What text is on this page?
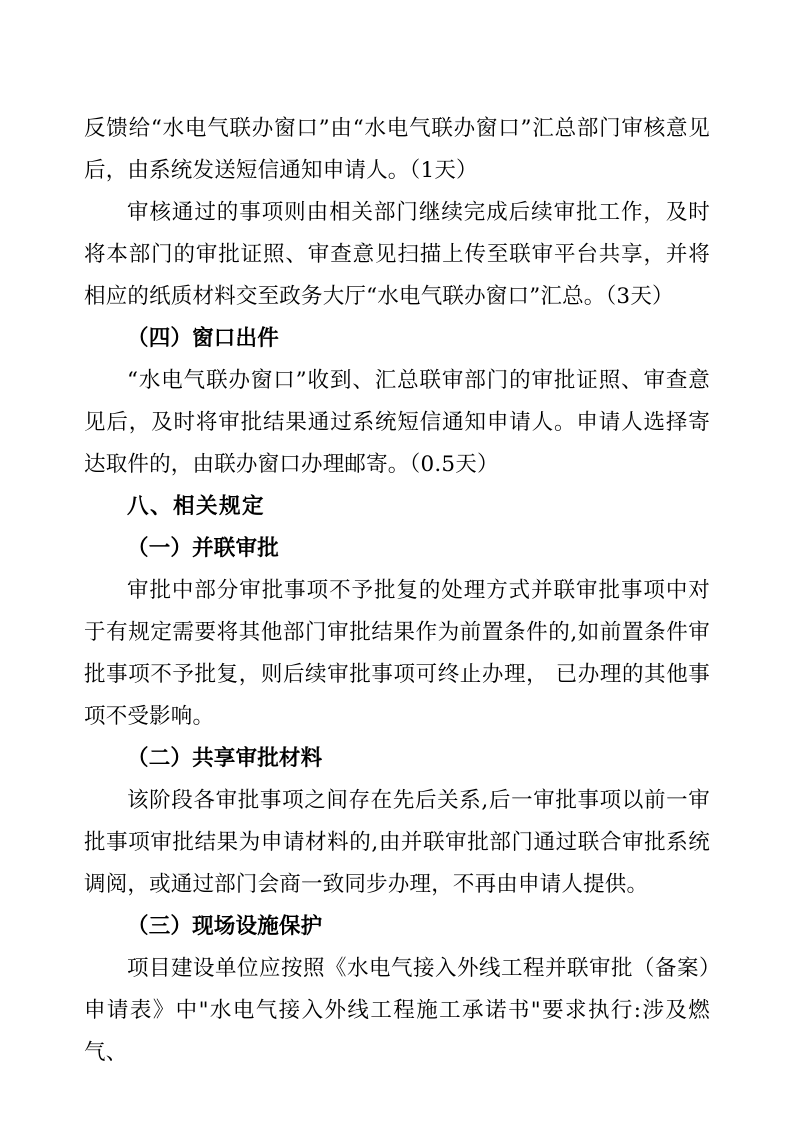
反馈给“水电气联办窗口”由“水电气联办窗口”汇总部门审核意见后，由系统发送短信通知申请人。（1天）

审核通过的事项则由相关部门继续完成后续审批工作，及时将本部门的审批证照、审查意见扫描上传至联审平台共享，并将 相应的纸质材料交至政务大厅“水电气联办窗口”汇总。（3天）

（四）窗口出件

“水电气联办窗口”收到、汇总联审部门的审批证照、审查意见后，及时将审批结果通过系统短信通知申请人。申请人选择寄达取件的，由联办窗口办理邮寄。（0.5天）

八、相关规定

（一）并联审批

审批中部分审批事项不予批复的处理方式并联审批事项中对于有规定需要将其他部门审批结果作为前置条件的,如前置条件审批事项不予批复，则后续审批事项可终止办理， 已办理的其他事项不受影响。

（二）共享审批材料

该阶段各审批事项之间存在先后关系,后一审批事项以前一审批事项审批结果为申请材料的,由并联审批部门通过联合审批系统调阅，或通过部门会商一致同步办理，不再由申请人提供。

（三）现场设施保护

项目建设单位应按照《水电气接入外线工程并联审批（备案）申请表》中"水电气接入外线工程施工承诺书"要求执行:涉及燃气、
